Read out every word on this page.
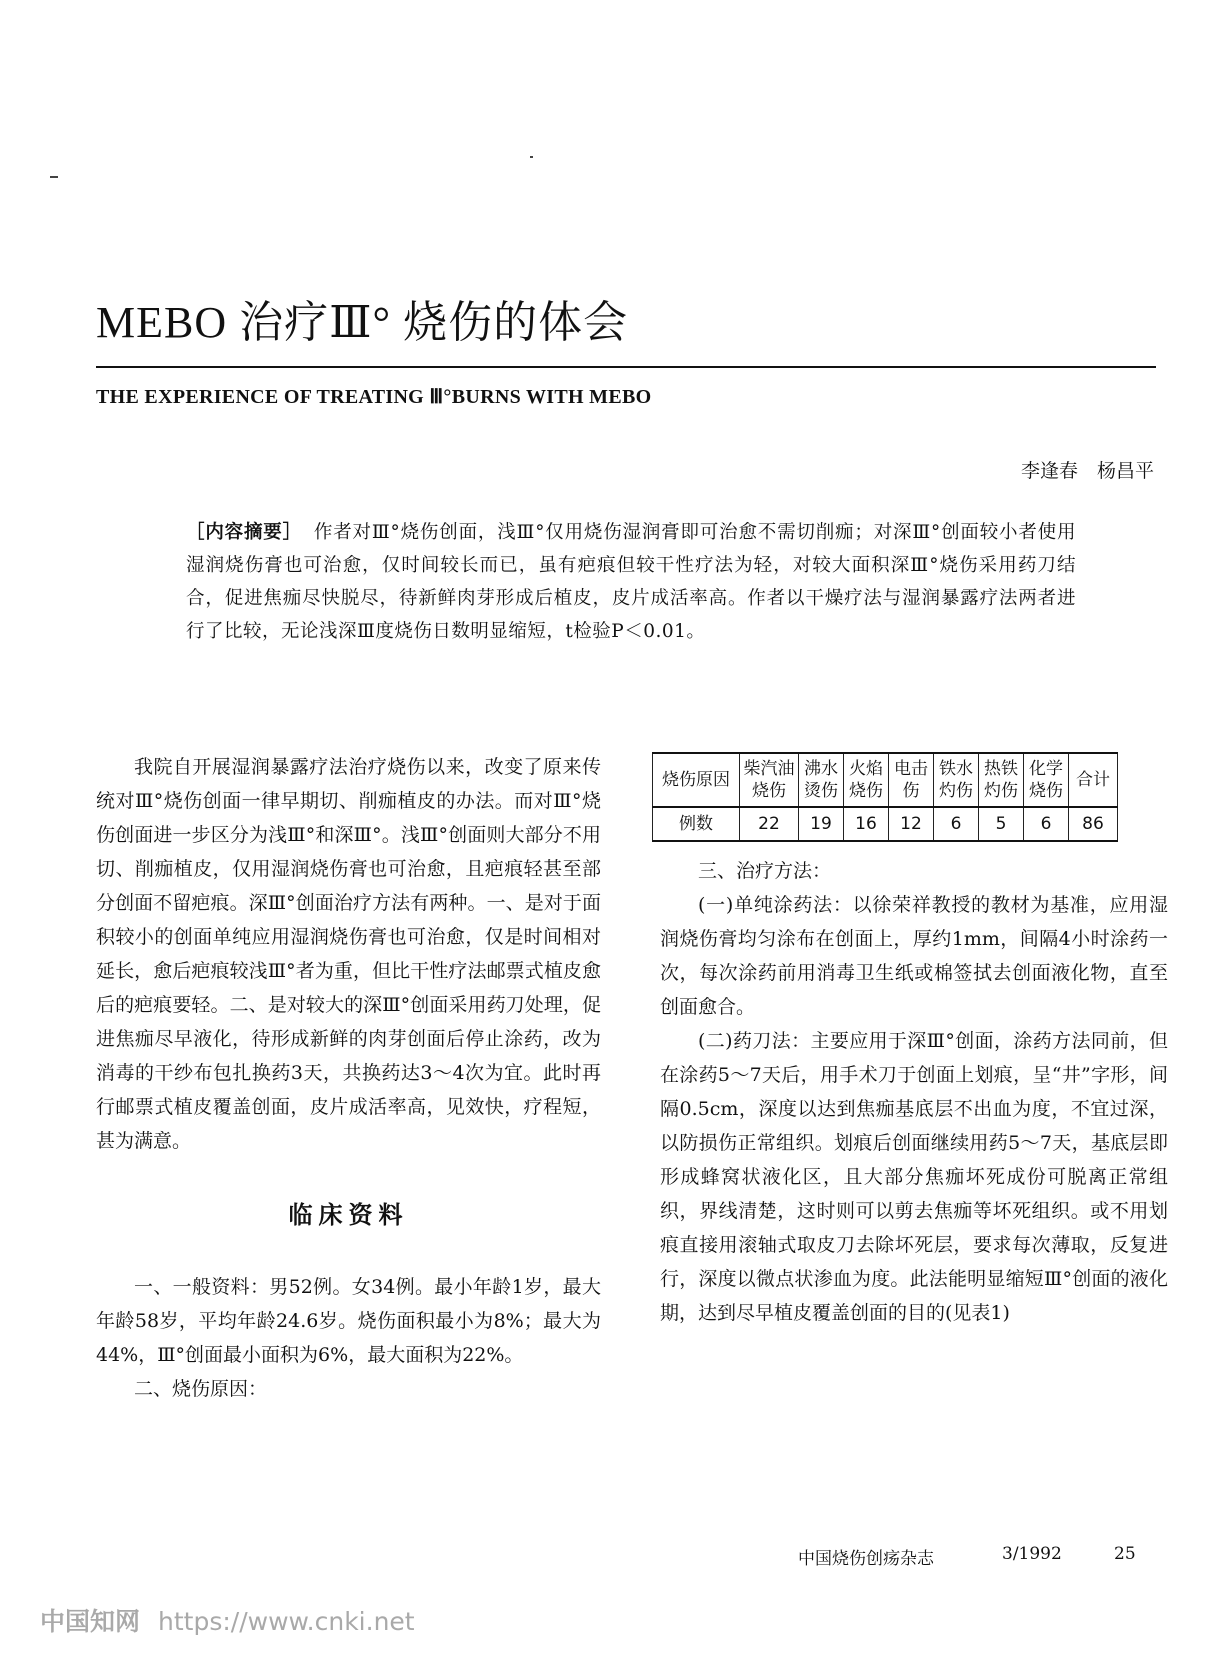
MEBO 治疗Ⅲ° 烧伤的体会
THE EXPERIENCE OF TREATING Ⅲ°BURNS WITH MEBO
李逢春　杨昌平
［内容摘要］ 作者对Ⅲ°烧伤创面，浅Ⅲ°仅用烧伤湿润膏即可治愈不需切削痂；对深Ⅲ°创面较小者使用湿润烧伤膏也可治愈，仅时间较长而已，虽有疤痕但较干性疗法为轻，对较大面积深Ⅲ°烧伤采用药刀结合，促进焦痂尽快脱尽，待新鲜肉芽形成后植皮，皮片成活率高。作者以干燥疗法与湿润暴露疗法两者进行了比较，无论浅深Ⅲ度烧伤日数明显缩短，t检验P＜0.01。

我院自开展湿润暴露疗法治疗烧伤以来，改变了原来传统对Ⅲ°烧伤创面一律早期切、削痂植皮的办法。而对Ⅲ°烧伤创面进一步区分为浅Ⅲ°和深Ⅲ°。浅Ⅲ°创面则大部分不用切、削痂植皮，仅用湿润烧伤膏也可治愈，且疤痕轻甚至部分创面不留疤痕。深Ⅲ°创面治疗方法有两种。一、是对于面积较小的创面单纯应用湿润烧伤膏也可治愈，仅是时间相对延长，愈后疤痕较浅Ⅲ°者为重，但比干性疗法邮票式植皮愈后的疤痕要轻。二、是对较大的深Ⅲ°创面采用药刀处理，促进焦痂尽早液化，待形成新鲜的肉芽创面后停止涂药，改为消毒的干纱布包扎换药3天，共换药达3～4次为宜。此时再行邮票式植皮覆盖创面，皮片成活率高，见效快，疗程短，甚为满意。

临床资料

一、一般资料：男52例。女34例。最小年龄1岁，最大年龄58岁，平均年龄24.6岁。烧伤面积最小为8%；最大为44%，Ⅲ°创面最小面积为6%，最大面积为22%。

二、烧伤原因：

烧伤原因	柴汽油烧伤	沸水烫伤	火焰烧伤	电击伤	铁水灼伤	热铁灼伤	化学烧伤	合计
例数	22	19	16	12	6	5	6	86

三、治疗方法：

(一)单纯涂药法：以徐荣祥教授的教材为基准，应用湿润烧伤膏均匀涂布在创面上，厚约1mm，间隔4小时涂药一次，每次涂药前用消毒卫生纸或棉签拭去创面液化物，直至创面愈合。

(二)药刀法：主要应用于深Ⅲ°创面，涂药方法同前，但在涂药5～7天后，用手术刀于创面上划痕，呈“井”字形，间隔0.5cm，深度以达到焦痂基底层不出血为度，不宜过深，以防损伤正常组织。划痕后创面继续用药5～7天，基底层即形成蜂窝状液化区，且大部分焦痂坏死成份可脱离正常组织，界线清楚，这时则可以剪去焦痂等坏死组织。或不用划痕直接用滚轴式取皮刀去除坏死层，要求每次薄取，反复进行，深度以微点状渗血为度。此法能明显缩短Ⅲ°创面的液化期，达到尽早植皮覆盖创面的目的(见表1)

中国烧伤创疡杂志	3/1992	25
中国知网 https://www.cnki.net
